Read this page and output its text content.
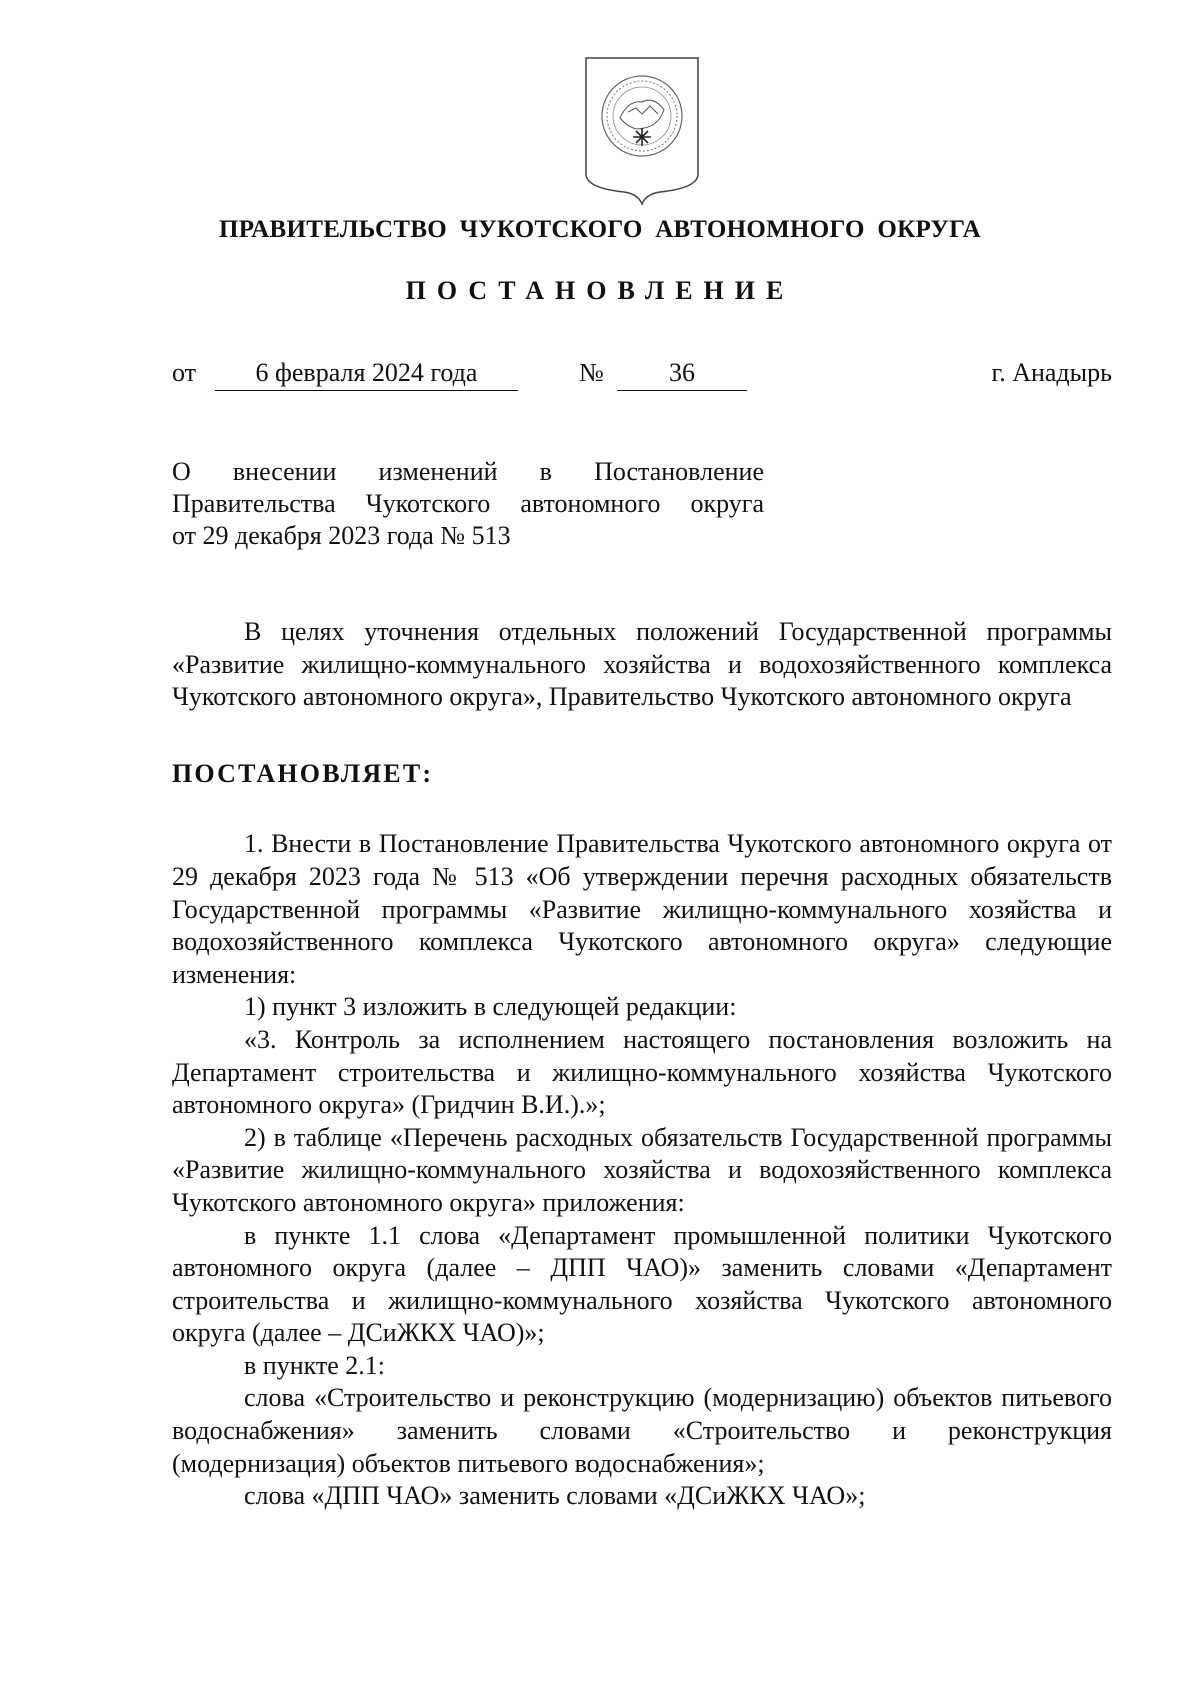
ПРАВИТЕЛЬСТВО ЧУКОТСКОГО АВТОНОМНОГО ОКРУГА
ПОСТАНОВЛЕНИЕ
от	6 февраля 2024 года	№	36	г. Анадырь
О внесении изменений в Постановление
Правительства Чукотского автономного округа
от 29 декабря 2023 года № 513

В целях уточнения отдельных положений Государственной программы «Развитие жилищно-коммунального хозяйства и водохозяйственного комплекса Чукотского автономного округа», Правительство Чукотского автономного округа

ПОСТАНОВЛЯЕТ:

1. Внести в Постановление Правительства Чукотского автономного округа от 29 декабря 2023 года № 513 «Об утверждении перечня расходных обязательств Государственной программы «Развитие жилищно-коммунального хозяйства и водохозяйственного комплекса Чукотского автономного округа» следующие изменения:

1) пункт 3 изложить в следующей редакции:

«3. Контроль за исполнением настоящего постановления возложить на Департамент строительства и жилищно-коммунального хозяйства Чукотского автономного округа» (Гридчин В.И.).»;

2) в таблице «Перечень расходных обязательств Государственной программы «Развитие жилищно-коммунального хозяйства и водохозяйственного комплекса Чукотского автономного округа» приложения:

в пункте 1.1 слова «Департамент промышленной политики Чукотского автономного округа (далее – ДПП ЧАО)» заменить словами «Департамент строительства и жилищно-коммунального хозяйства Чукотского автономного округа (далее – ДСиЖКХ ЧАО)»;

в пункте 2.1:

слова «Строительство и реконструкцию (модернизацию) объектов питьевого водоснабжения» заменить словами «Строительство и реконструкция (модернизация) объектов питьевого водоснабжения»;

слова «ДПП ЧАО» заменить словами «ДСиЖКХ ЧАО»;
